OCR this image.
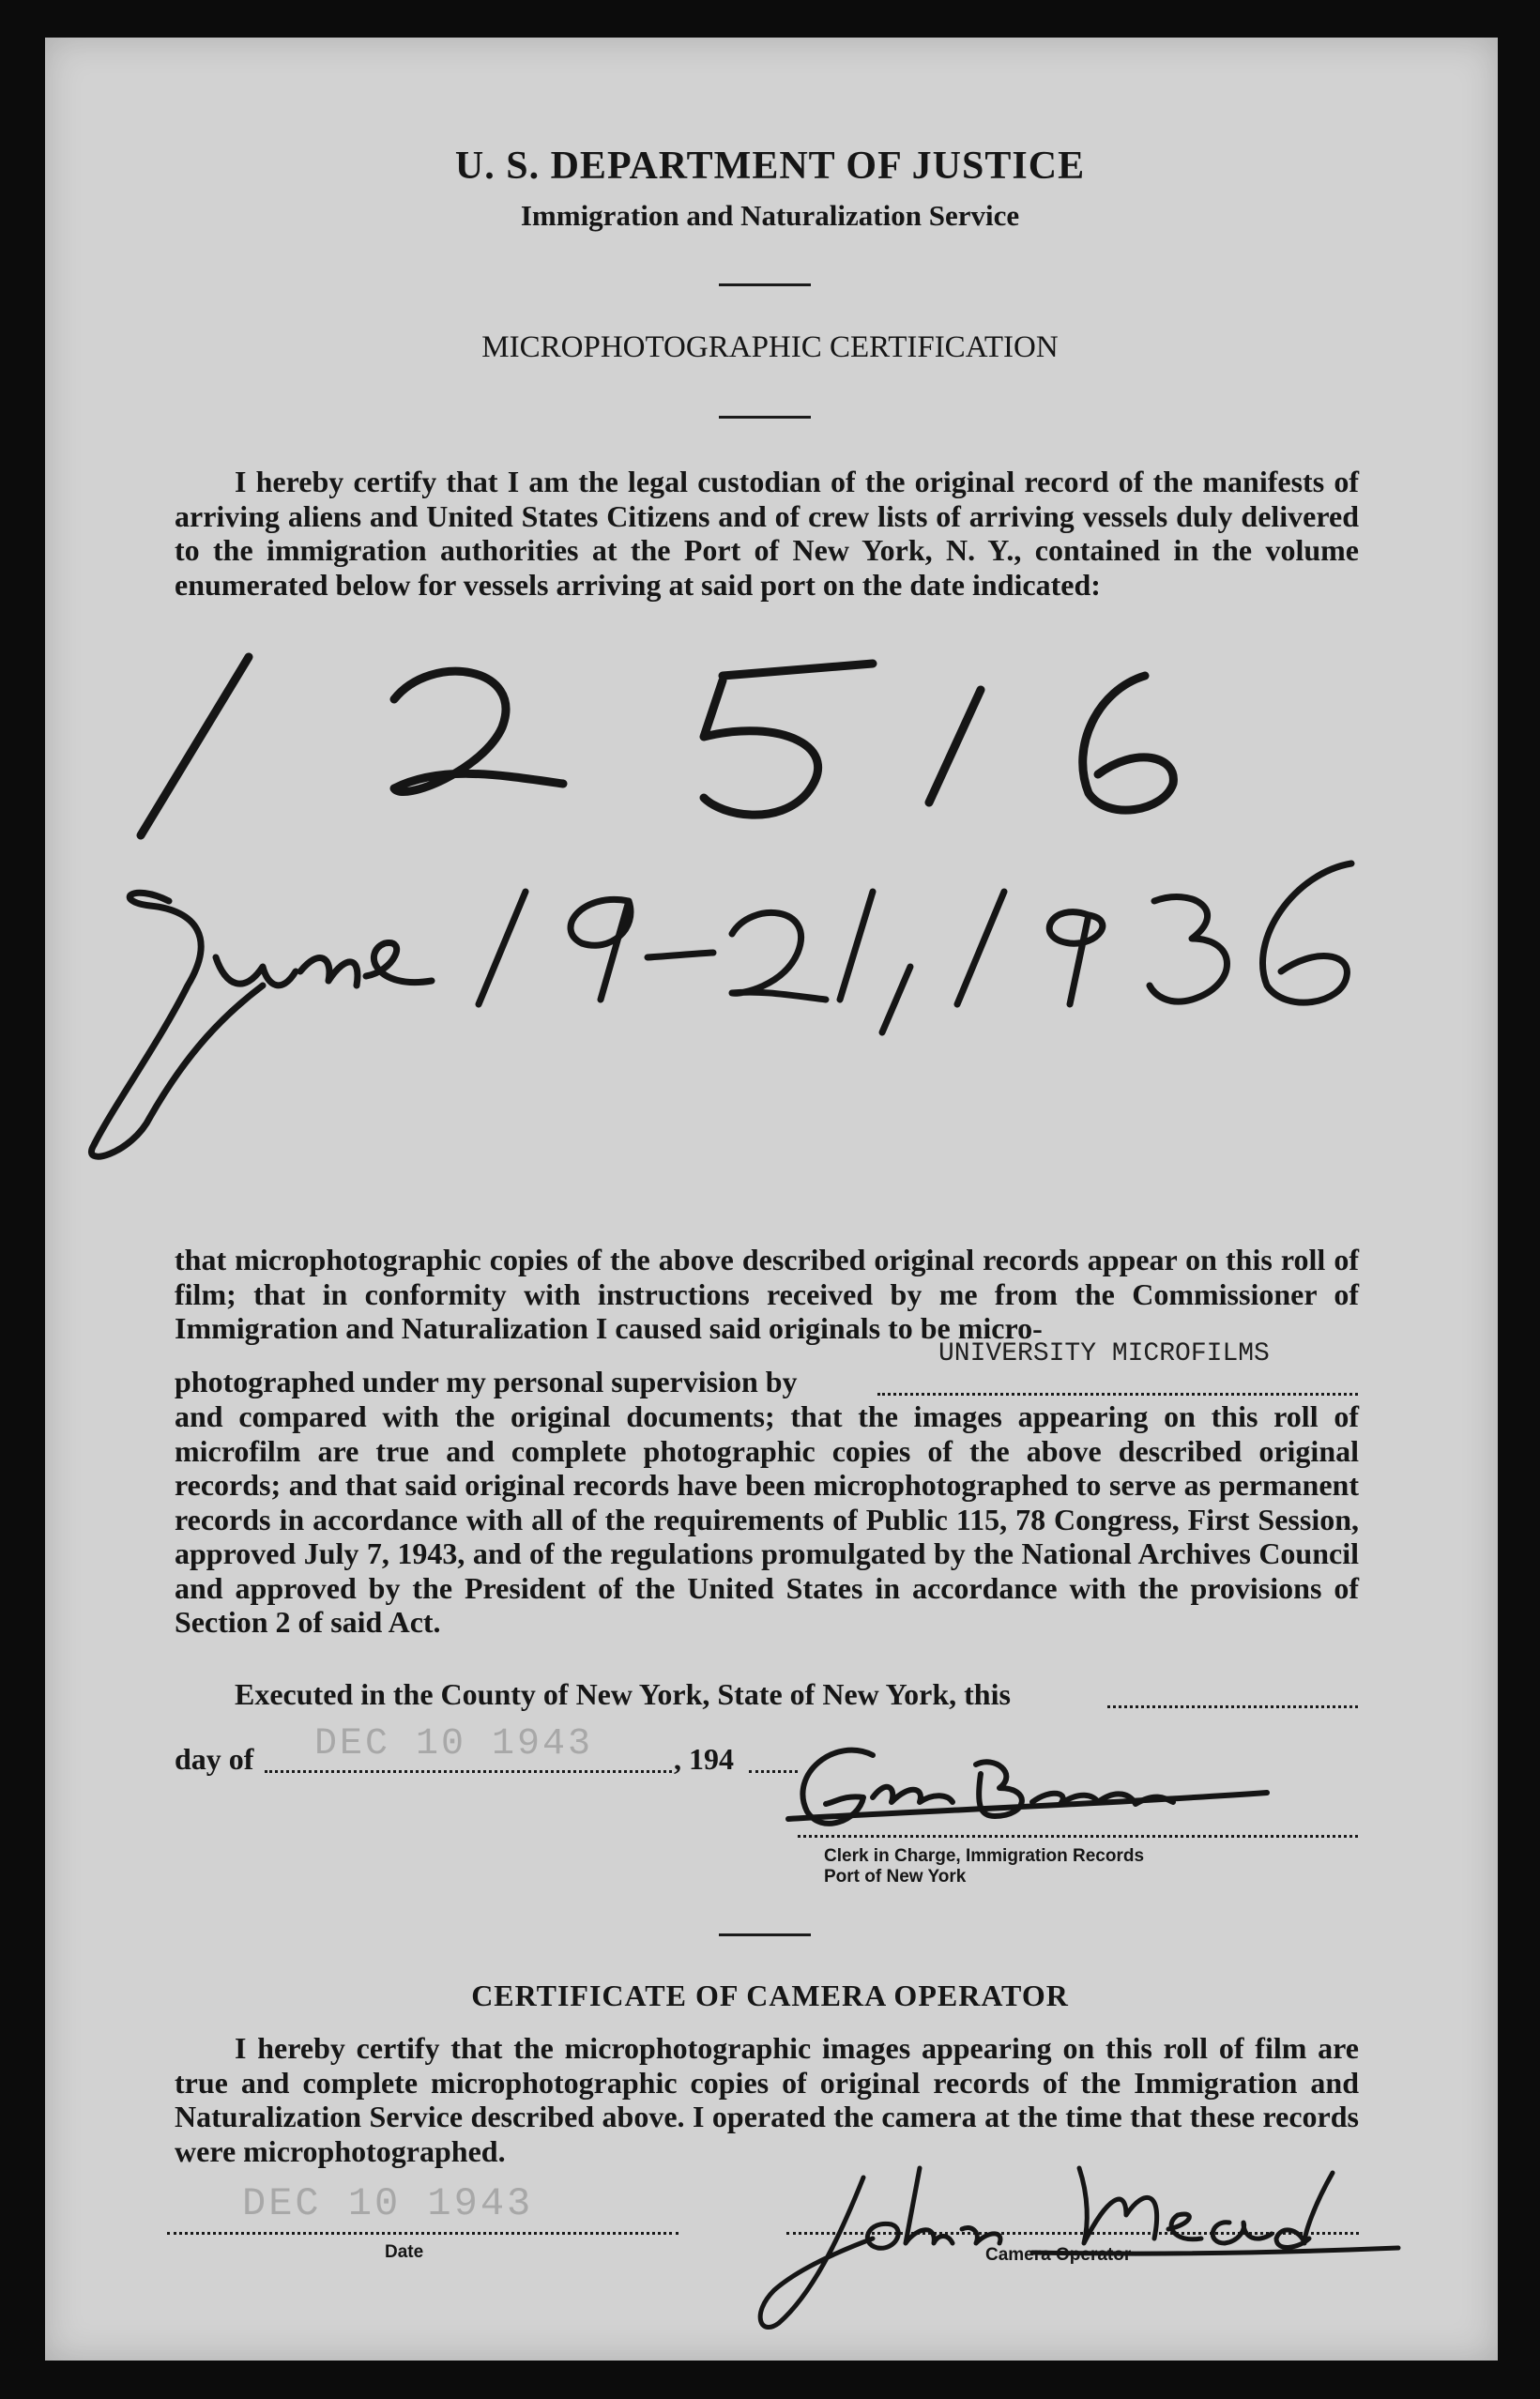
U. S. DEPARTMENT OF JUSTICE
Immigration and Naturalization Service
MICROPHOTOGRAPHIC CERTIFICATION
I hereby certify that I am the legal custodian of the original record of the manifests of arriving aliens and United States Citizens and of crew lists of arriving vessels duly delivered to the immigration authorities at the Port of New York, N. Y., contained in the volume enumerated below for vessels arriving at said port on the date indicated:
that microphotographic copies of the above described original records appear on this roll of film; that in conformity with instructions received by me from the Commissioner of Immigration and Naturalization I caused said originals to be micro-
photographed under my personal supervision by
UNIVERSITY MICROFILMS
and compared with the original documents; that the images appearing on this roll of microfilm are true and complete photographic copies of the above described original records; and that said original records have been microphotographed to serve as permanent records in accordance with all of the requirements of Public 115, 78 Congress, First Session, approved July 7, 1943, and of the regulations promulgated by the National Archives Council and approved by the President of the United States in accordance with the provisions of Section 2 of said Act.
Executed in the County of New York, State of New York, this
day of DEC 10 1943	, 194
Clerk in Charge, Immigration Records
Port of New York
CERTIFICATE OF CAMERA OPERATOR
I hereby certify that the microphotographic images appearing on this roll of film are true and complete microphotographic copies of original records of the Immigration and Naturalization Service described above. I operated the camera at the time that these records were microphotographed.
DEC 10 1943
Date	Camera Operator
